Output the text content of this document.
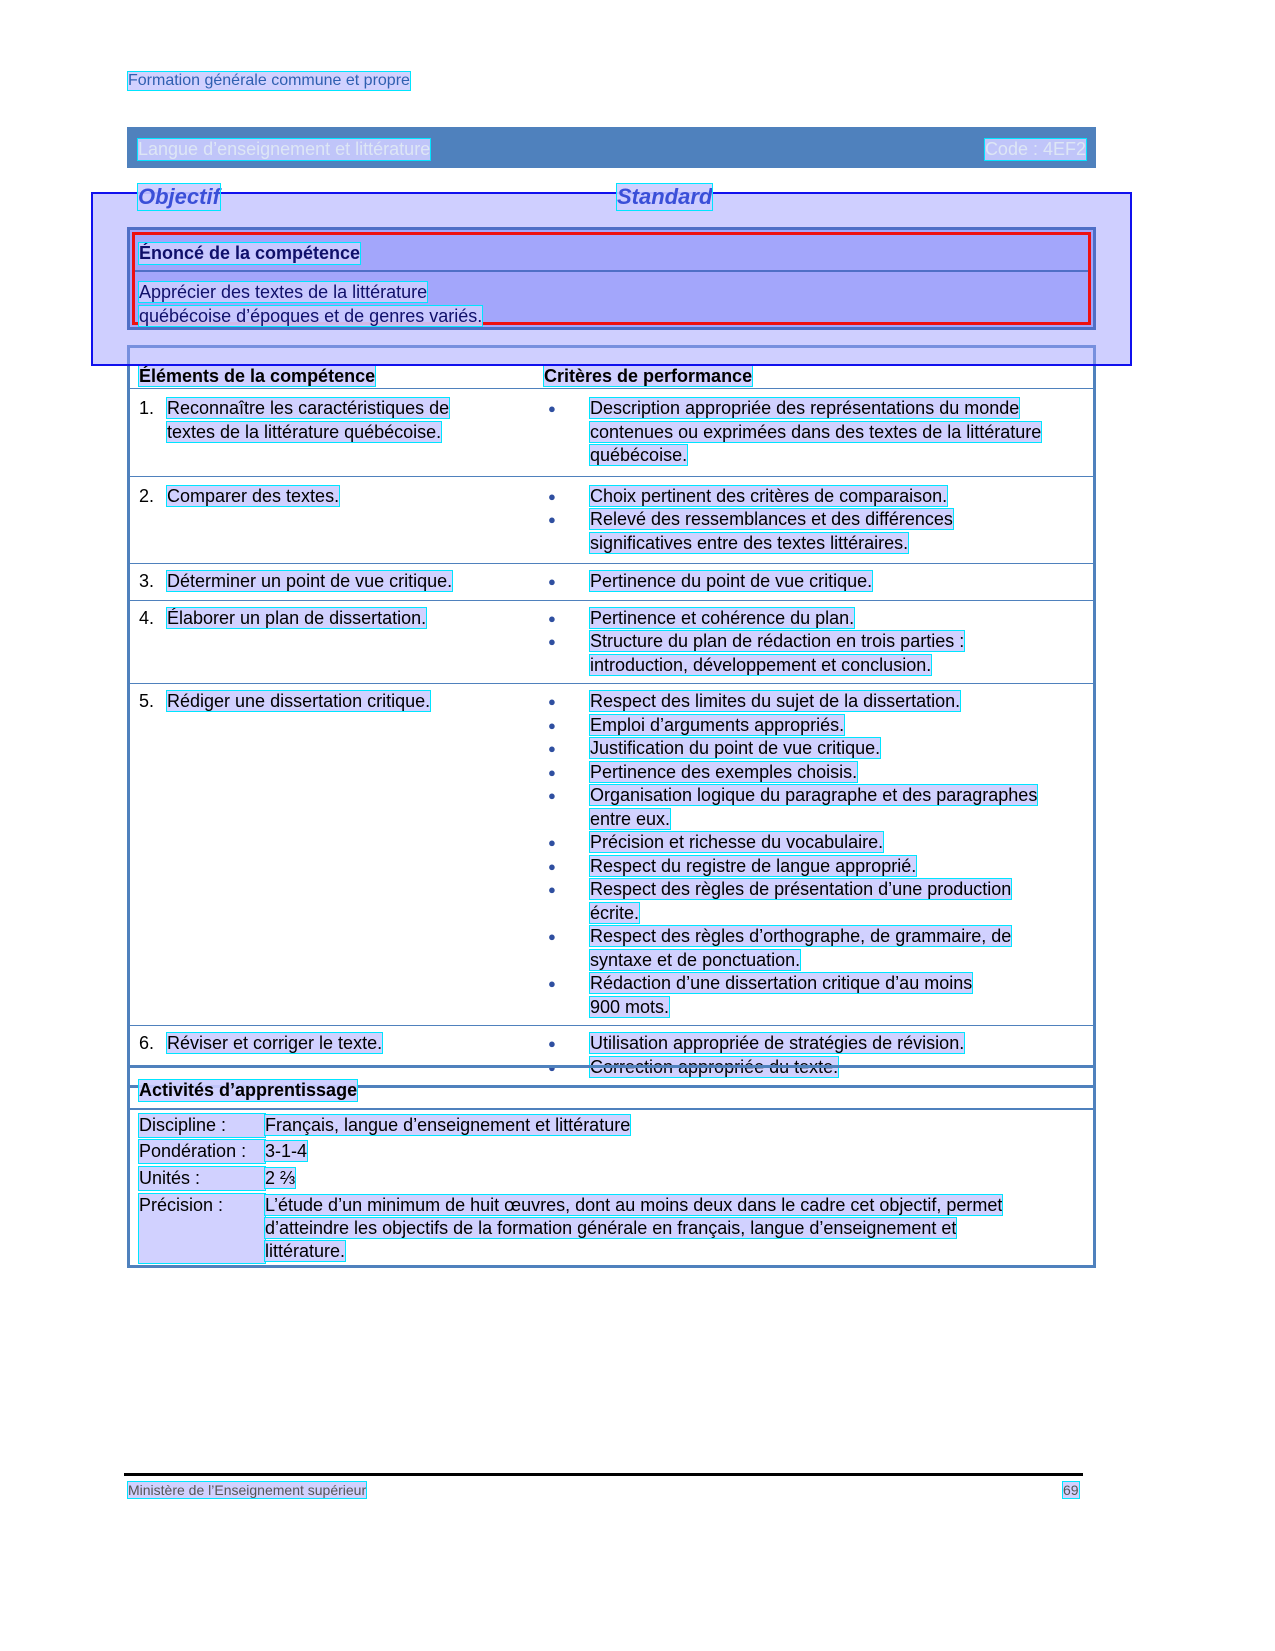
Formation générale commune et propre
Langue d’enseignement et littérature	Code : 4EF2
Énoncé de la compétence
Apprécier des textes de la littérature
québécoise d’époques et de genres variés.
Éléments de la compétence	Critères de performance
1. Reconnaître les caractéristiques de
textes de la littérature québécoise.
●	Description appropriée des représentations du monde
contenues ou exprimées dans des textes de la littérature
québécoise.
2. Comparer des textes.	●	Choix pertinent des critères de comparaison.
●	Relevé des ressemblances et des différences
significatives entre des textes littéraires.
3. Déterminer un point de vue critique.	●	Pertinence du point de vue critique.
4. Élaborer un plan de dissertation.	●	Pertinence et cohérence du plan.
●	Structure du plan de rédaction en trois parties :
introduction, développement et conclusion.
5. Rédiger une dissertation critique.	●	Respect des limites du sujet de la dissertation.
●	Emploi d’arguments appropriés.
●	Justification du point de vue critique.
●	Pertinence des exemples choisis.
●	Organisation logique du paragraphe et des paragraphes
entre eux.
●	Précision et richesse du vocabulaire.
●	Respect du registre de langue approprié.
●	Respect des règles de présentation d’une production
écrite.
●	Respect des règles d’orthographe, de grammaire, de
syntaxe et de ponctuation.
●	Rédaction d’une dissertation critique d’au moins
900 mots.
6. Réviser et corriger le texte.	●	Utilisation appropriée de stratégies de révision.
●	Correction appropriée du texte.
Objectif	Standard
Activités d’apprentissage
Discipline :	Français, langue d’enseignement et littérature
Pondération :	3-1-4
Unités :	2 ⅔
Précision :	L’étude d’un minimum de huit œuvres, dont au moins deux dans le cadre cet objectif, permet
d’atteindre les objectifs de la formation générale en français, langue d’enseignement et
littérature.
Ministère de l’Enseignement supérieur	69
